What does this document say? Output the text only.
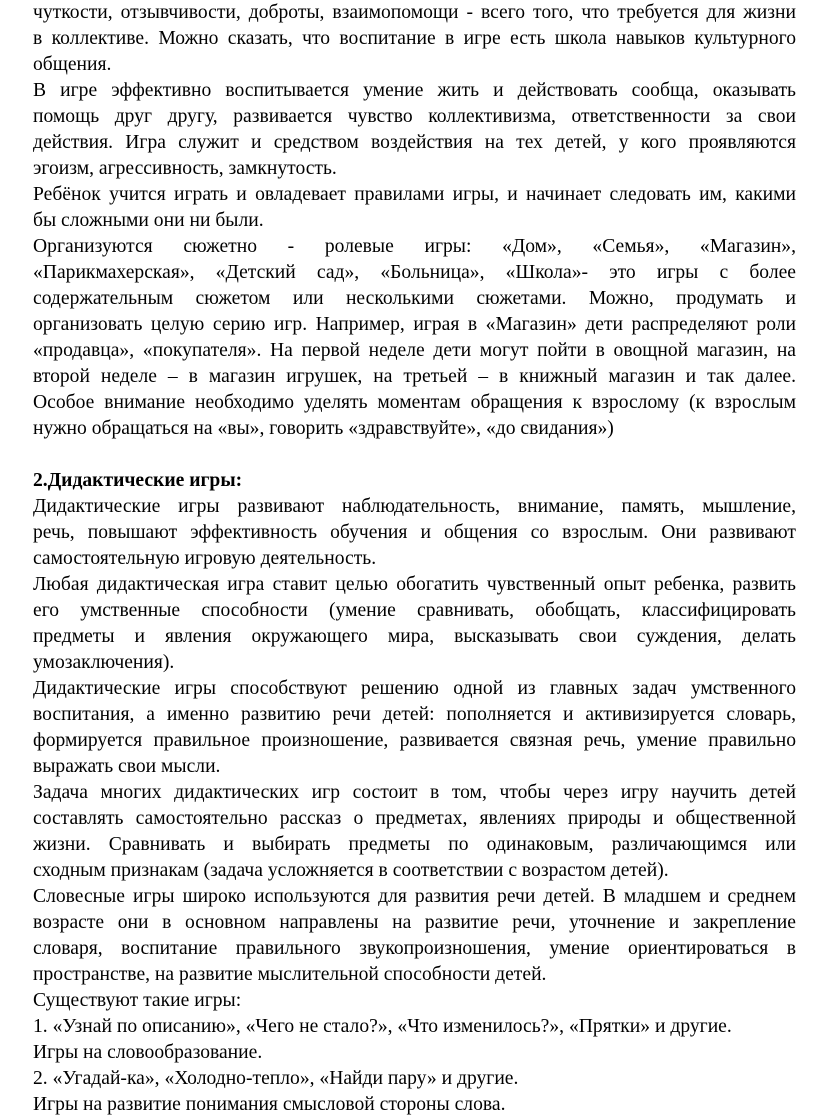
чуткости, отзывчивости, доброты, взаимопомощи - всего того, что требуется для жизни
в коллективе. Можно сказать, что воспитание в игре есть школа навыков культурного
общения.
В игре эффективно воспитывается умение жить и действовать сообща, оказывать
помощь друг другу, развивается чувство коллективизма, ответственности за свои
действия. Игра служит и средством воздействия на тех детей, у кого проявляются
эгоизм, агрессивность, замкнутость.
Ребёнок учится играть и овладевает правилами игры, и начинает следовать им, какими
бы сложными они ни были.
Организуются сюжетно - ролевые игры: «Дом», «Семья», «Магазин»,
«Парикмахерская», «Детский сад», «Больница», «Школа»- это игры с более
содержательным сюжетом или несколькими сюжетами. Можно, продумать и
организовать целую серию игр. Например, играя в «Магазин» дети распределяют роли
«продавца», «покупателя». На первой неделе дети могут пойти в овощной магазин, на
второй неделе – в магазин игрушек, на третьей – в книжный магазин и так далее.
Особое внимание необходимо уделять моментам обращения к взрослому (к взрослым
нужно обращаться на «вы», говорить «здравствуйте», «до свидания»)
2.Дидактические игры:
Дидактические игры развивают наблюдательность, внимание, память, мышление,
речь, повышают эффективность обучения и общения со взрослым. Они развивают
самостоятельную игровую деятельность.
Любая дидактическая игра ставит целью обогатить чувственный опыт ребенка, развить
его умственные способности (умение сравнивать, обобщать, классифицировать
предметы и явления окружающего мира, высказывать свои суждения, делать
умозаключения).
Дидактические игры способствуют решению одной из главных задач умственного
воспитания, а именно развитию речи детей: пополняется и активизируется словарь,
формируется правильное произношение, развивается связная речь, умение правильно
выражать свои мысли.
Задача многих дидактических игр состоит в том, чтобы через игру научить детей
составлять самостоятельно рассказ о предметах, явлениях природы и общественной
жизни. Сравнивать и выбирать предметы по одинаковым, различающимся или
сходным признакам (задача усложняется в соответствии с возрастом детей).
Словесные игры широко используются для развития речи детей. В младшем и среднем
возрасте они в основном направлены на развитие речи, уточнение и закрепление
словаря, воспитание правильного звукопроизношения, умение ориентироваться в
пространстве, на развитие мыслительной способности детей.
Существуют такие игры:
1. «Узнай по описанию», «Чего не стало?», «Что изменилось?», «Прятки» и другие.
Игры на словообразование.
2. «Угадай-ка», «Холодно-тепло», «Найди пару» и другие.
Игры на развитие понимания смысловой стороны слова.
